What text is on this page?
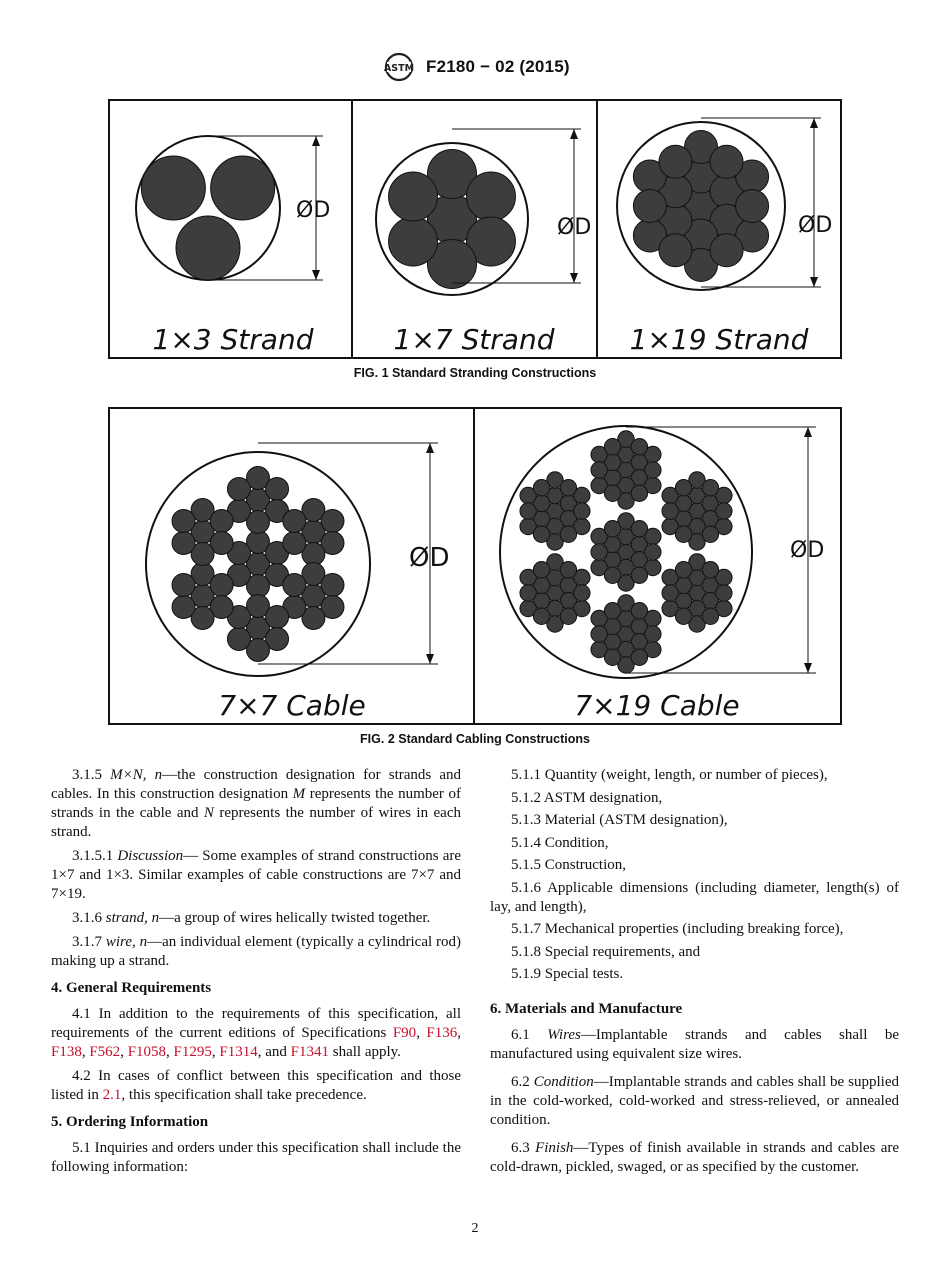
ASTM F2180 − 02 (2015)
ØD
1×3 Strand
ØD
1×7 Strand
ØD
1×19 Strand
FIG. 1 Standard Stranding Constructions
ØD
7×7 Cable
ØD
7×19 Cable
FIG. 2 Standard Cabling Constructions

3.1.5 M×N, n—the construction designation for strands and cables. In this construction designation M represents the number of strands in the cable and N represents the number of wires in each strand.

3.1.5.1 Discussion— Some examples of strand constructions are 1×7 and 1×3. Similar examples of cable constructions are 7×7 and 7×19.

3.1.6 strand, n—a group of wires helically twisted together.

3.1.7 wire, n—an individual element (typically a cylindrical rod) making up a strand.

4. General Requirements

4.1 In addition to the requirements of this specification, all requirements of the current editions of Specifications F90, F136, F138, F562, F1058, F1295, F1314, and F1341 shall apply.

4.2 In cases of conflict between this specification and those listed in 2.1, this specification shall take precedence.

5. Ordering Information

5.1 Inquiries and orders under this specification shall include the following information:

5.1.1 Quantity (weight, length, or number of pieces),

5.1.2 ASTM designation,

5.1.3 Material (ASTM designation),

5.1.4 Condition,

5.1.5 Construction,

5.1.6 Applicable dimensions (including diameter, length(s) of lay, and length),

5.1.7 Mechanical properties (including breaking force),

5.1.8 Special requirements, and

5.1.9 Special tests.

6. Materials and Manufacture

6.1 Wires—Implantable strands and cables shall be manufactured using equivalent size wires.

6.2 Condition—Implantable strands and cables shall be supplied in the cold-worked, cold-worked and stress-relieved, or annealed condition.

6.3 Finish—Types of finish available in strands and cables are cold-drawn, pickled, swaged, or as specified by the customer.

2
